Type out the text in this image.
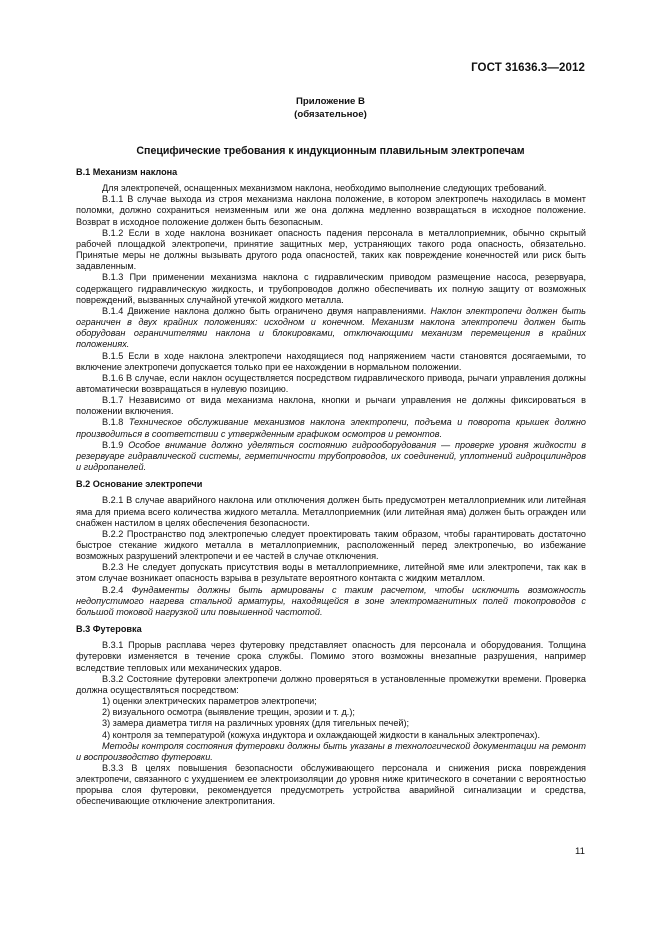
ГОСТ 31636.3—2012
Приложение В
(обязательное)
Специфические требования к индукционным плавильным электропечам
В.1 Механизм наклона

Для электропечей, оснащенных механизмом наклона, необходимо выполнение следующих требований.

В.1.1 В случае выхода из строя механизма наклона положение, в котором электропечь находилась в момент поломки, должно сохраниться неизменным или же она должна медленно возвращаться в исходное положение. Возврат в исходное положение должен быть безопасным.

В.1.2 Если в ходе наклона возникает опасность падения персонала в металлоприемник, обычно скрытый рабочей площадкой электропечи, принятие защитных мер, устраняющих такого рода опасность, обязательно. Принятые меры не должны вызывать другого рода опасностей, таких как повреждение конечностей или риск быть задавленным.

В.1.3 При применении механизма наклона с гидравлическим приводом размещение насоса, резервуара, содержащего гидравлическую жидкость, и трубопроводов должно обеспечивать их полную защиту от возможных повреждений, вызванных случайной утечкой жидкого металла.

В.1.4 Движение наклона должно быть ограничено двумя направлениями. Наклон электропечи должен быть ограничен в двух крайних положениях: исходном и конечном. Механизм наклона электропечи должен быть оборудован ограничителями наклона и блокировками, отключающими механизм перемещения в крайних положениях.

В.1.5 Если в ходе наклона электропечи находящиеся под напряжением части становятся досягаемыми, то включение электропечи допускается только при ее нахождении в нормальном положении.

В.1.6 В случае, если наклон осуществляется посредством гидравлического привода, рычаги управления должны автоматически возвращаться в нулевую позицию.

В.1.7 Независимо от вида механизма наклона, кнопки и рычаги управления не должны фиксироваться в положении включения.

В.1.8 Техническое обслуживание механизмов наклона электропечи, подъема и поворота крышек должно производиться в соответствии с утвержденным графиком осмотров и ремонтов.

В.1.9 Особое внимание должно уделяться состоянию гидрооборудования — проверке уровня жидкости в резервуаре гидравлической системы, герметичности трубопроводов, их соединений, уплотнений гидроцилиндров и гидропанелей.

В.2 Основание электропечи

В.2.1 В случае аварийного наклона или отключения должен быть предусмотрен металлоприемник или литейная яма для приема всего количества жидкого металла. Металлоприемник (или литейная яма) должен быть огражден или снабжен настилом в целях обеспечения безопасности.

В.2.2 Пространство под электропечью следует проектировать таким образом, чтобы гарантировать достаточно быстрое стекание жидкого металла в металлоприемник, расположенный перед электропечью, во избежание возможных разрушений электропечи и ее частей в случае отключения.

В.2.3 Не следует допускать присутствия воды в металлоприемнике, литейной яме или электропечи, так как в этом случае возникает опасность взрыва в результате вероятного контакта с жидким металлом.

В.2.4 Фундаменты должны быть армированы с таким расчетом, чтобы исключить возможность недопустимого нагрева стальной арматуры, находящейся в зоне электромагнитных полей токопроводов с большой токовой нагрузкой или повышенной частотой.

В.3 Футеровка

В.3.1 Прорыв расплава через футеровку представляет опасность для персонала и оборудования. Толщина футеровки изменяется в течение срока службы. Помимо этого возможны внезапные разрушения, например вследствие тепловых или механических ударов.

В.3.2 Состояние футеровки электропечи должно проверяться в установленные промежутки времени. Проверка должна осуществляться посредством:

1) оценки электрических параметров электропечи;

2) визуального осмотра (выявление трещин, эрозии и т. д.);

3) замера диаметра тигля на различных уровнях (для тигельных печей);

4) контроля за температурой (кожуха индуктора и охлаждающей жидкости в канальных электропечах).

Методы контроля состояния футеровки должны быть указаны в технологической документации на ремонт и воспроизводство футеровки.

В.3.3 В целях повышения безопасности обслуживающего персонала и снижения риска повреждения электропечи, связанного с ухудшением ее электроизоляции до уровня ниже критического в сочетании с вероятностью прорыва слоя футеровки, рекомендуется предусмотреть устройства аварийной сигнализации и средства, обеспечивающие отключение электропитания.

11
